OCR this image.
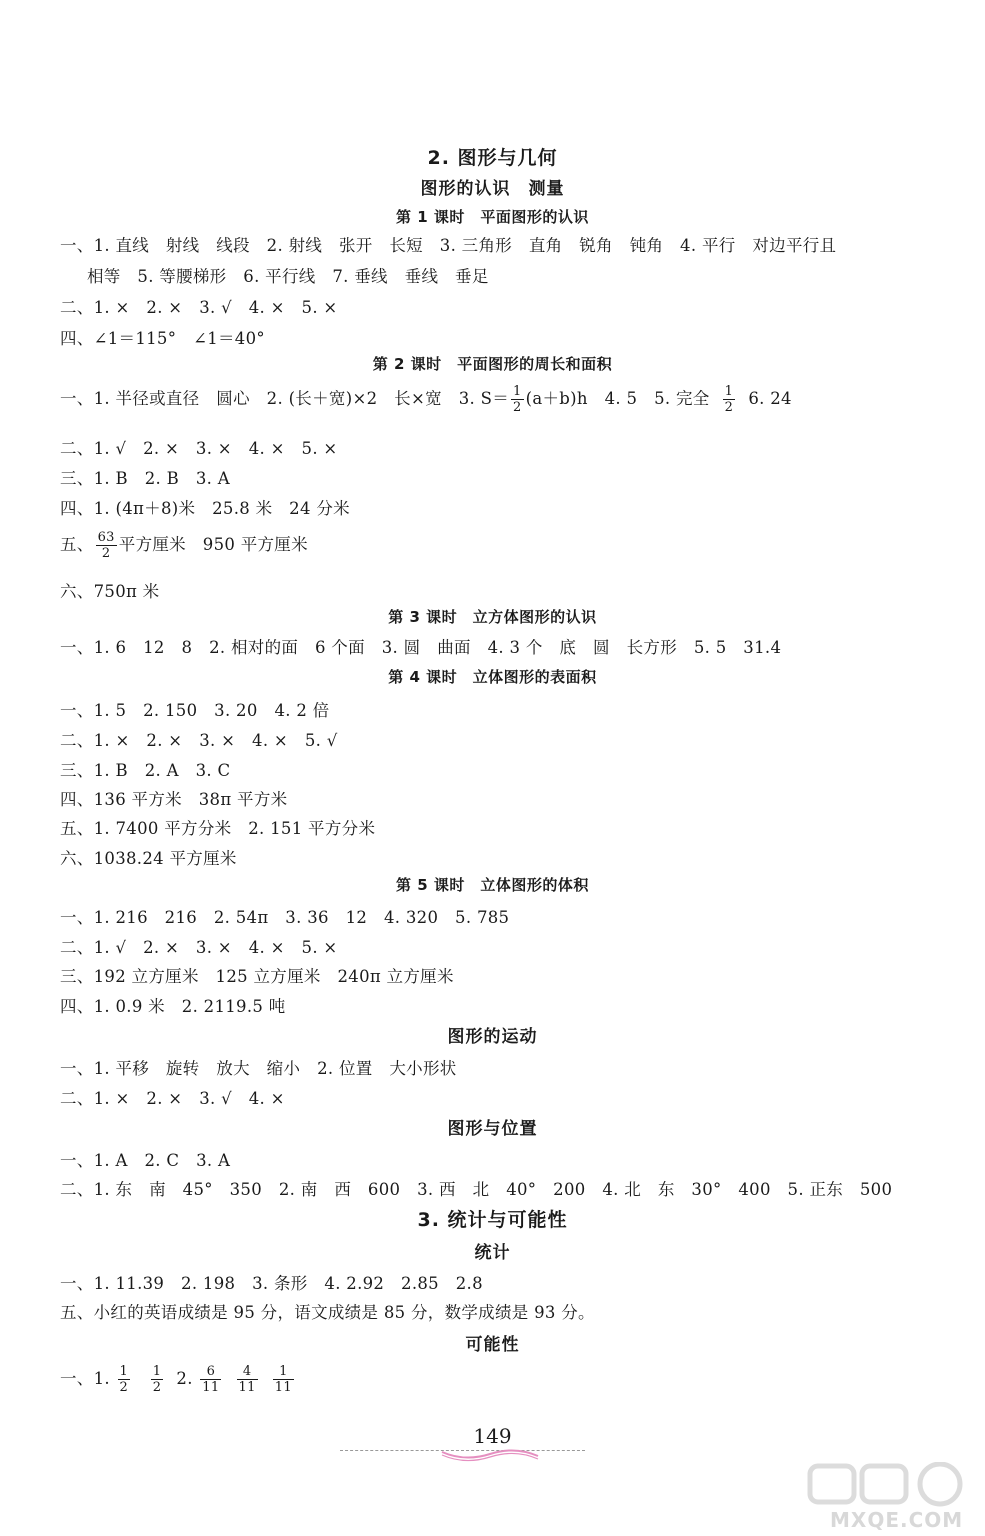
2. 图形与几何
图形的认识　测量
第 1 课时　平面图形的认识
一、1. 直线　射线　线段　2. 射线　张开　长短　3. 三角形　直角　锐角　钝角　4. 平行　对边平行且
相等　5. 等腰梯形　6. 平行线　7. 垂线　垂线　垂足
二、1. ×　2. ×　3. √　4. ×　5. ×
四、∠1＝115°　∠1＝40°
第 2 课时　平面图形的周长和面积
一、1. 半径或直径　圆心　2. (长＋宽)×2　长×宽　3. $S= \frac{1}{2} (a+b)h$　4. 5　5. 完全 $\frac{1}{2} 6$. 24
二、1. √　2. ×　3. ×　4. ×　5. ×
三、1. B　2. B　3. A
四、1. (4π＋8)米　25.8 米　24 分米
五、 $\frac{63}{2}$ 平方厘米　950 平方厘米
六、750π 米
第 3 课时　立方体图形的认识
一、1. 6　12　8　2. 相对的面　6 个面　3. 圆　曲面　4. 3 个　底　圆　长方形　5. 5　31.4
第 4 课时　立体图形的表面积
一、1. 5　2. 150　3. 20　4. 2 倍
二、1. ×　2. ×　3. ×　4. ×　5. √
三、1. B　2. A　3. C
四、136 平方米　38π 平方米
五、1. 7400 平方分米　2. 151 平方分米
六、1038.24 平方厘米
第 5 课时　立体图形的体积
一、1. 216　216　2. 54π　3. 36　12　4. 320　5. 785
二、1. √　2. ×　3. ×　4. ×　5. ×
三、192 立方厘米　125 立方厘米　240π 立方厘米
四、1. 0.9 米　2. 2119.5 吨
图形的运动
一、1. 平移　旋转　放大　缩小　2. 位置　大小形状
二、1. ×　2. ×　3. √　4. ×
图形与位置
一、1. A　2. C　3. A
二、1. 东　南　45°　350　2. 南　西　600　3. 西　北　40°　200　4. 北　东　30°　400　5. 正东　500
3. 统计与可能性
统计
一、1. 11.39　2. 198　3. 条形　4. 2.92　2.85　2.8
五、小红的英语成绩是 95 分，语文成绩是 85 分，数学成绩是 93 分。
可能性
一、1. $\frac{1}{2}$
$\frac{1}{2} 2$. $\frac{6}{11}$
$\frac{4}{11}$
$\frac{1}{11}$
149
MXQE.COM
